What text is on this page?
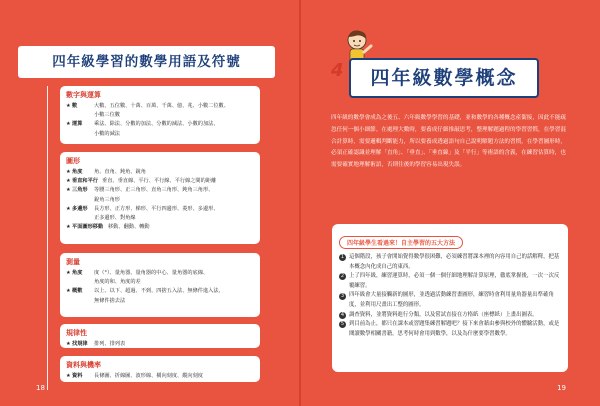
四年級學習的數學用語及符號
數字與運算
★ 數	大數、五位數、十萬、百萬、千萬、億、兆、小數二位數、
小數三位數
★ 運算	乘法、除法、分數的加法、分數的減法、小數的加法、
小數的減法
圖形
★ 角度	角、直角、鈍角、銳角
★ 垂直和平行 垂直、垂直線、平行、平行線、平行線之間的距離
★ 三角形	等腰三角形、正三角形、直角三角形、鈍角三角形、
銳角三角形
★ 多邊形	長方形、正方形、梯形、平行四邊形、菱形、多邊形、
正多邊形、對角線
★ 平面圖形移動 移動、翻動、轉動
測量
★ 角度	度（°）、量角器、量角器的中心、量角器的底線、
角度的和、角度的差
★ 概數	以上、以下、超過、不到、四捨五入法、無條件進入法、
無條件捨去法
規律性
★ 找規律	排列、排列表
資料與機率
★ 資料	長條圖、折線圖、波形線、橫向刻度、縱向刻度
18
四年級數學概念
4
四年級的數學會成為之後五、六年級數學學習的基礎，並和數學的各種概念產銜接，因此不能疏忽任何一個小細節。在處理大數時，要養成仔細推敲思考，整理解題過程的學習習慣，在學習混合計算時，需要邏輯判斷能力，所以要養成透過語句自己說明解題方法的習慣。在學習圖形時，必須正確認識並理解「直角」、「垂直」、「垂直線」及「平行」等術語的含義，在練習估算時，也需要確實地理解術語，否則往後的學習容易出現失誤。
四年級學生看過來！自主學習的五大方法
1 這個階段，孩子會開始覺得數學很困難，必須練習將課本裡的內容用自己的話解釋，把基本概念內化成自己的東西。
2 上了四年級，練習運算時，必須一個一個仔細地理解計算原理，徹底掌握後，一次一次反覆練習。
3 四年級會大量接觸新的圖形，並透過活動練習畫圖形，練習時會利用量角器量出準確角度，並利用尺畫出工整的圖形。
4 調查資料，並將資料進行分類，以及嘗試直接在方格紙（座標紙）上畫出圖表。
5 到目前為止，都只在課本或習題集練習解題吧？接下來會藉由參與校外的體驗活動，或是閱讀數學相關書籍，思考何時會用到數學，以及為什麼要學習數學。
19
